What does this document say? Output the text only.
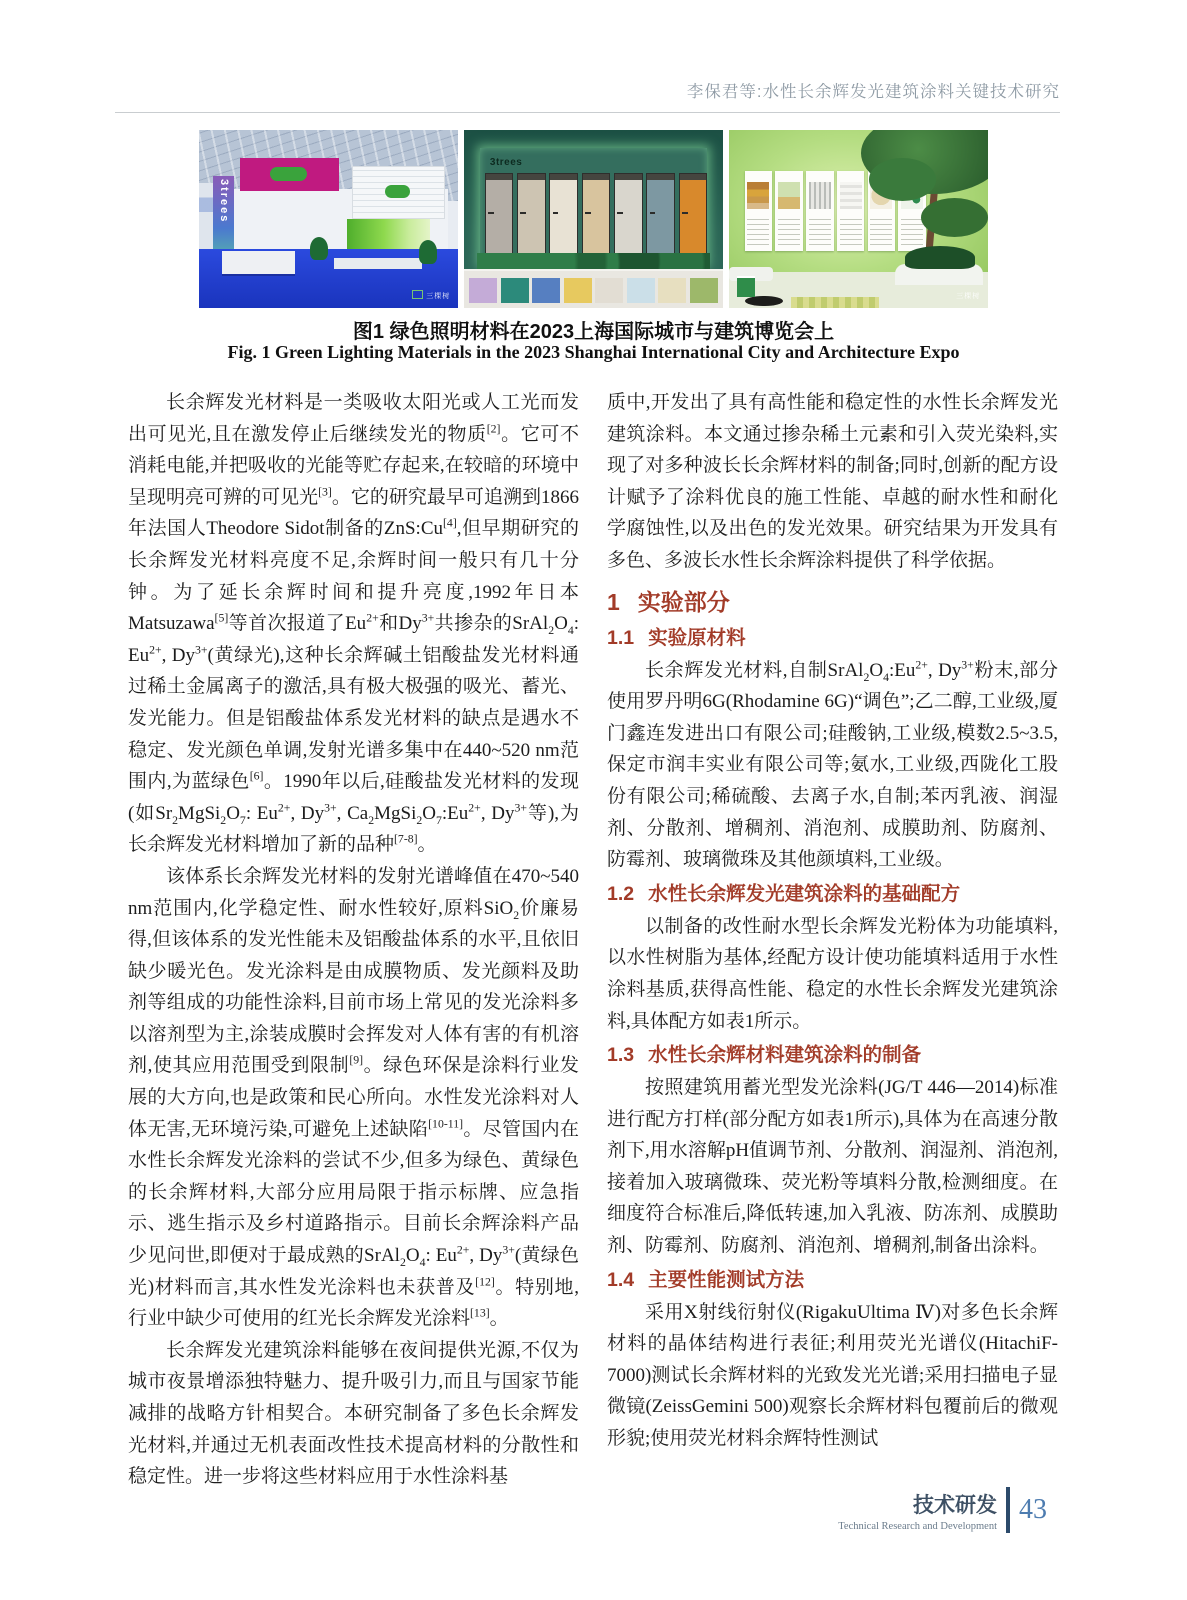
李保君等:水性长余辉发光建筑涂料关键技术研究
3trees
三棵树
3trees
三棵树
图1 绿色照明材料在2023上海国际城市与建筑博览会上
Fig. 1 Green Lighting Materials in the 2023 Shanghai International City and Architecture Expo

长余辉发光材料是一类吸收太阳光或人工光而发出可见光,且在激发停止后继续发光的物质[2]。它可不消耗电能,并把吸收的光能等贮存起来,在较暗的环境中呈现明亮可辨的可见光[3]。它的研究最早可追溯到1866年法国人Theodore Sidot制备的ZnS:Cu[4],但早期研究的长余辉发光材料亮度不足,余辉时间一般只有几十分钟。为了延长余辉时间和提升亮度,1992年日本Matsuzawa[5]等首次报道了$Eu^{2+}$和$Dy^{3+}$共掺杂的$SrAl_2O_4$: $Eu^{2+}$, $Dy^{3+}$(黄绿光),这种长余辉碱土铝酸盐发光材料通过稀土金属离子的激活,具有极大极强的吸光、蓄光、发光能力。但是铝酸盐体系发光材料的缺点是遇水不稳定、发光颜色单调,发射光谱多集中在440~520 nm范围内,为蓝绿色[6]。1990年以后,硅酸盐发光材料的发现(如$Sr_2MgSi_2O_7$: $Eu^{2+}$, $Dy^{3+}$, $Ca_2MgSi_2O_7:Eu^{2+}$, $Dy^{3+}$等),为长余辉发光材料增加了新的品种[7-8]。

该体系长余辉发光材料的发射光谱峰值在470~540 nm范围内,化学稳定性、耐水性较好,原料SiO$_2$价廉易得,但该体系的发光性能未及铝酸盐体系的水平,且依旧缺少暖光色。发光涂料是由成膜物质、发光颜料及助剂等组成的功能性涂料,目前市场上常见的发光涂料多以溶剂型为主,涂装成膜时会挥发对人体有害的有机溶剂,使其应用范围受到限制[9]。绿色环保是涂料行业发展的大方向,也是政策和民心所向。水性发光涂料对人体无害,无环境污染,可避免上述缺陷[10-11]。尽管国内在水性长余辉发光涂料的尝试不少,但多为绿色、黄绿色的长余辉材料,大部分应用局限于指示标牌、应急指示、逃生指示及乡村道路指示。目前长余辉涂料产品少见问世,即便对于最成熟的$SrAl_2O_4$: $Eu^{2+}$, $Dy^{3+}$(黄绿色光)材料而言,其水性发光涂料也未获普及[12]。特别地,行业中缺少可使用的红光长余辉发光涂料[13]。

长余辉发光建筑涂料能够在夜间提供光源,不仅为城市夜景增添独特魅力、提升吸引力,而且与国家节能减排的战略方针相契合。本研究制备了多色长余辉发光材料,并通过无机表面改性技术提高材料的分散性和稳定性。进一步将这些材料应用于水性涂料基

质中,开发出了具有高性能和稳定性的水性长余辉发光建筑涂料。本文通过掺杂稀土元素和引入荧光染料,实现了对多种波长长余辉材料的制备;同时,创新的配方设计赋予了涂料优良的施工性能、卓越的耐水性和耐化学腐蚀性,以及出色的发光效果。研究结果为开发具有多色、多波长水性长余辉涂料提供了科学依据。

1 实验部分
1.1 实验原材料

长余辉发光材料,自制$SrAl_2O_4:Eu^{2+}$, $Dy^{3+}$粉末,部分使用罗丹明6G(Rhodamine 6G)“调色”;乙二醇,工业级,厦门鑫连发进出口有限公司;硅酸钠,工业级,模数2.5~3.5,保定市润丰实业有限公司等;氨水,工业级,西陇化工股份有限公司;稀硫酸、去离子水,自制;苯丙乳液、润湿剂、分散剂、增稠剂、消泡剂、成膜助剂、防腐剂、防霉剂、玻璃微珠及其他颜填料,工业级。

1.2 水性长余辉发光建筑涂料的基础配方

以制备的改性耐水型长余辉发光粉体为功能填料,以水性树脂为基体,经配方设计使功能填料适用于水性涂料基质,获得高性能、稳定的水性长余辉发光建筑涂料,具体配方如表1所示。

1.3 水性长余辉材料建筑涂料的制备

按照建筑用蓄光型发光涂料(JG/T 446—2014)标准进行配方打样(部分配方如表1所示),具体为在高速分散剂下,用水溶解pH值调节剂、分散剂、润湿剂、消泡剂,接着加入玻璃微珠、荧光粉等填料分散,检测细度。在细度符合标准后,降低转速,加入乳液、防冻剂、成膜助剂、防霉剂、防腐剂、消泡剂、增稠剂,制备出涂料。

1.4 主要性能测试方法

采用X射线衍射仪(RigakuUltima Ⅳ)对多色长余辉材料的晶体结构进行表征;利用荧光光谱仪(HitachiF-7000)测试长余辉材料的光致发光光谱;采用扫描电子显微镜(ZeissGemini 500)观察长余辉材料包覆前后的微观形貌;使用荧光材料余辉特性测试

技术研发
Technical Research and Development
43
